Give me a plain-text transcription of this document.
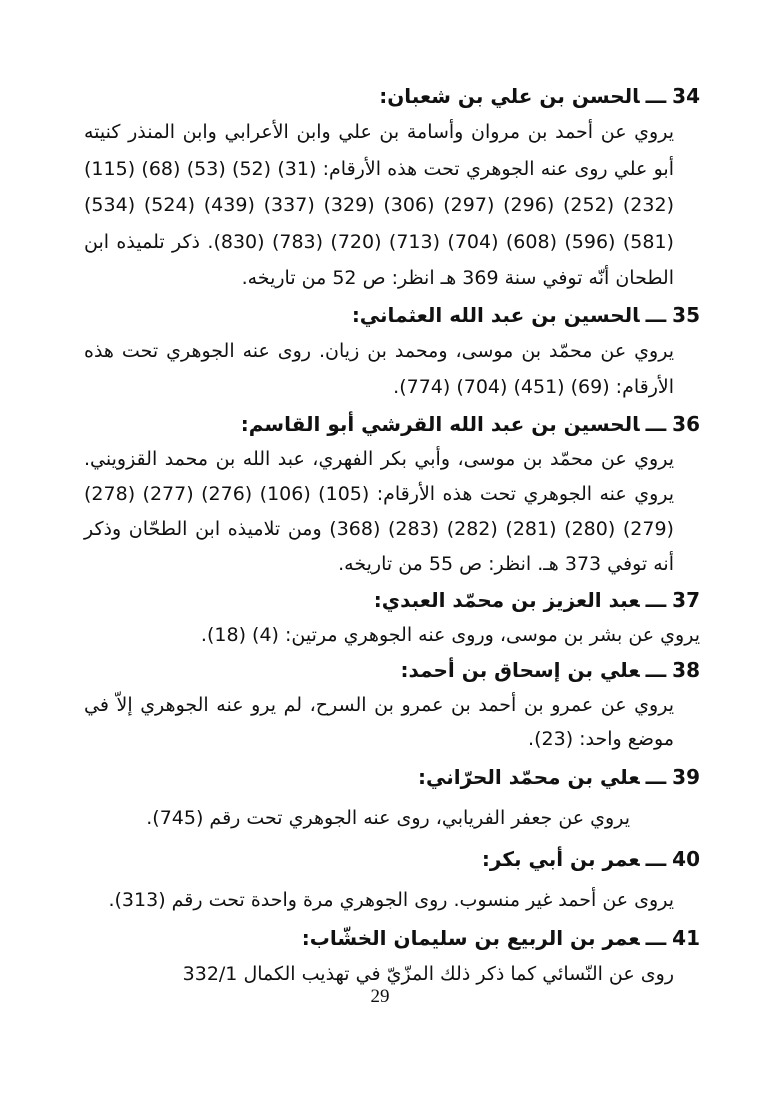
34ـــالحسن بن علي بن شعبان:

يروي عن أحمد بن مروان وأسامة بن علي وابن الأعرابي وابن المنذر كنيته أبو علي روى عنه الجوهري تحت هذه الأرقام: (31) (52) (53) (68) (115) (232) (252) (296) (297) (306) (329) (337) (439) (524) (534) (581) (596) (608) (704) (713) (720) (783) (830). ذكر تلميذه ابن الطحان أنّه توفي سنة 369 هـ انظر: ص 52 من تاريخه.

35ـــالحسين بن عبد الله العثماني:

يروي عن محمّد بن موسى، ومحمد بن زيان. روى عنه الجوهري تحت هذه الأرقام: (69) (451) (704) (774).

36ـــالحسين بن عبد الله القرشي أبو القاسم:

يروي عن محمّد بن موسى، وأبي بكر الفهري، عبد الله بن محمد القزويني. يروي عنه الجوهري تحت هذه الأرقام: (105) (106) (276) (277) (278) (279) (280) (281) (282) (283) (368) ومن تلاميذه ابن الطحّان وذكر أنه توفي 373 هـ. انظر: ص 55 من تاريخه.

37ـــعبد العزيز بن محمّد العبدي:

يروي عن بشر بن موسى، وروى عنه الجوهري مرتين: (4) (18).

38ـــعلي بن إسحاق بن أحمد:

يروي عن عمرو بن أحمد بن عمرو بن السرح، لم يرو عنه الجوهري إلاّ في موضع واحد: (23).

39ـــعلي بن محمّد الحرّاني:

يروي عن جعفر الفريابي، روى عنه الجوهري تحت رقم (745).

40ـــعمر بن أبي بكر:

يروى عن أحمد غير منسوب. روى الجوهري مرة واحدة تحت رقم (313).

41ـــعمر بن الربيع بن سليمان الخشّاب:

روى عن النّسائي كما ذكر ذلك المزّيّ في تهذيب الكمال 332/1

29
